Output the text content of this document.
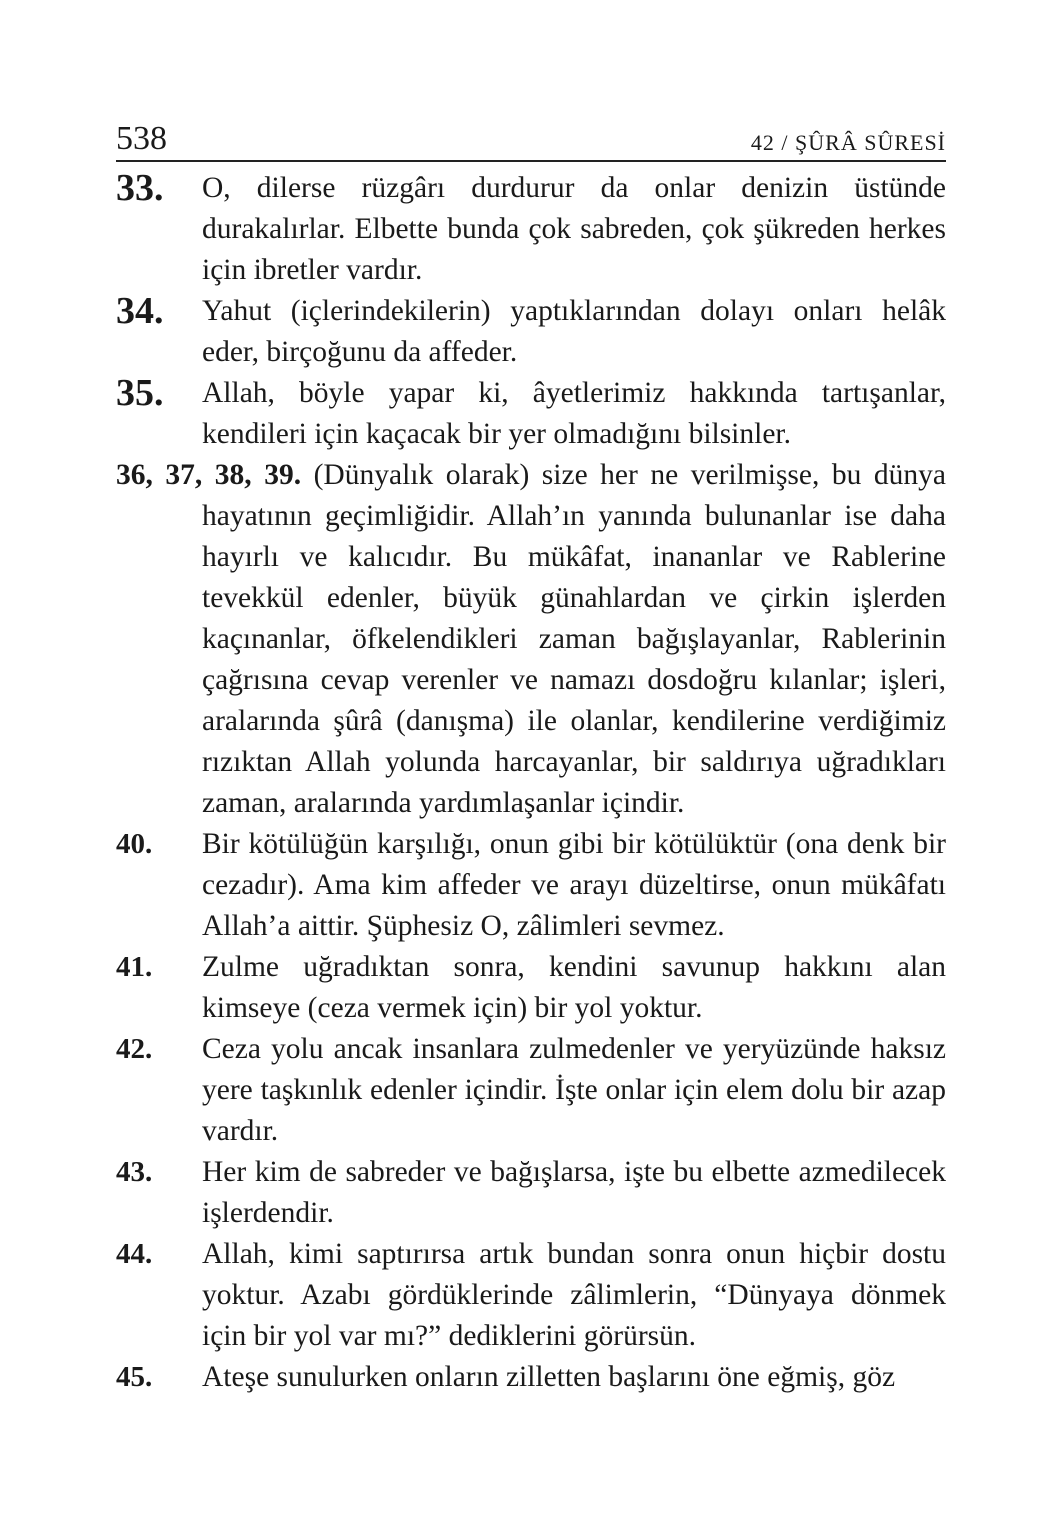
538	42 / ŞÛRÂ SÛRESİ
33.	O, dilerse rüzgârı durdurur da onlar denizin üstünde durakalırlar. Elbette bunda çok sabreden, çok şükreden herkes için ibretler vardır.

34.	Yahut (içlerindekilerin) yaptıklarından dolayı onları helâk eder, birçoğunu da affeder.

35.	Allah, böyle yapar ki, âyetlerimiz hakkında tartışanlar, kendileri için kaçacak bir yer olmadığını bilsinler.

36, 37, 38, 39. (Dünyalık olarak) size her ne verilmişse, bu dünya hayatının geçimliğidir. Allah’ın yanında bulunanlar ise daha hayırlı ve kalıcıdır. Bu mükâfat, inananlar ve Rablerine tevekkül edenler, büyük günahlardan ve çirkin işlerden kaçınanlar, öfkelendikleri zaman bağışlayanlar, Rablerinin çağrısına cevap verenler ve namazı dosdoğru kılanlar; işleri, aralarında şûrâ (danışma) ile olanlar, kendilerine verdiğimiz rızıktan Allah yolunda harcayanlar, bir saldırıya uğradıkları zaman, aralarında yardımlaşanlar içindir.

40.	Bir kötülüğün karşılığı, onun gibi bir kötülüktür (ona denk bir cezadır). Ama kim affeder ve arayı düzeltirse, onun mükâfatı Allah’a aittir. Şüphesiz O, zâlimleri sevmez.

41.	Zulme uğradıktan sonra, kendini savunup hakkını alan kimseye (ceza vermek için) bir yol yoktur.

42.	Ceza yolu ancak insanlara zulmedenler ve yeryüzünde haksız yere taşkınlık edenler içindir. İşte onlar için elem dolu bir azap vardır.

43.	Her kim de sabreder ve bağışlarsa, işte bu elbette azmedilecek işlerdendir.

44.	Allah, kimi saptırırsa artık bundan sonra onun hiçbir dostu yoktur. Azabı gördüklerinde zâlimlerin, “Dünyaya dönmek için bir yol var mı?” dediklerini görürsün.

45.	Ateşe sunulurken onların zilletten başlarını öne eğmiş, göz
